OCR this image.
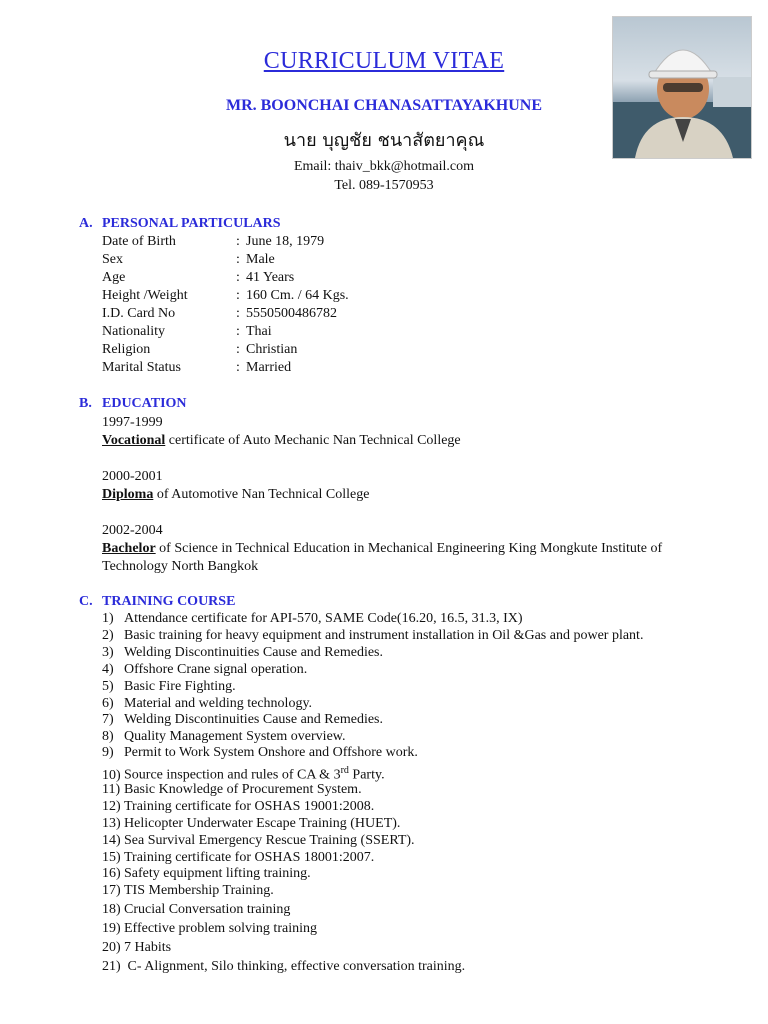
CURRICULUM VITAE
MR. BOONCHAI CHANASATTAYAKHUNE
นาย บุญชัย ชนาสัตยาคุณ
Email: thaiv_bkk@hotmail.com
Tel. 089-1570953
A. PERSONAL PARTICULARS
Date of Birth	: June 18, 1979
Sex	: Male
Age	: 41 Years
Height /Weight	: 160 Cm. / 64 Kgs.
I.D. Card No	: 5550500486782
Nationality	: Thai
Religion	: Christian
Marital Status	: Married
B. EDUCATION
1997-1999
Vocational certificate of Auto Mechanic Nan Technical College
2000-2001
Diploma of Automotive Nan Technical College
2002-2004
Bachelor of Science in Technical Education in Mechanical Engineering King Mongkute Institute of Technology North Bangkok
C. TRAINING COURSE
1) Attendance certificate for API-570, SAME Code(16.20, 16.5, 31.3, IX)
2) Basic training for heavy equipment and instrument installation in Oil &Gas and power plant.
3) Welding Discontinuities Cause and Remedies.
4) Offshore Crane signal operation.
5) Basic Fire Fighting.
6) Material and welding technology.
7) Welding Discontinuities Cause and Remedies.
8) Quality Management System overview.
9) Permit to Work System Onshore and Offshore work.
10) Source inspection and rules of CA & 3rd Party.
11) Basic Knowledge of Procurement System.
12) Training certificate for OSHAS 19001:2008.
13) Helicopter Underwater Escape Training (HUET).
14) Sea Survival Emergency Rescue Training (SSERT).
15) Training certificate for OSHAS 18001:2007.
16) Safety equipment lifting training.
17) TIS Membership Training.
18) Crucial Conversation training
19) Effective problem solving training
20) 7 Habits
21) C- Alignment, Silo thinking, effective conversation training.
